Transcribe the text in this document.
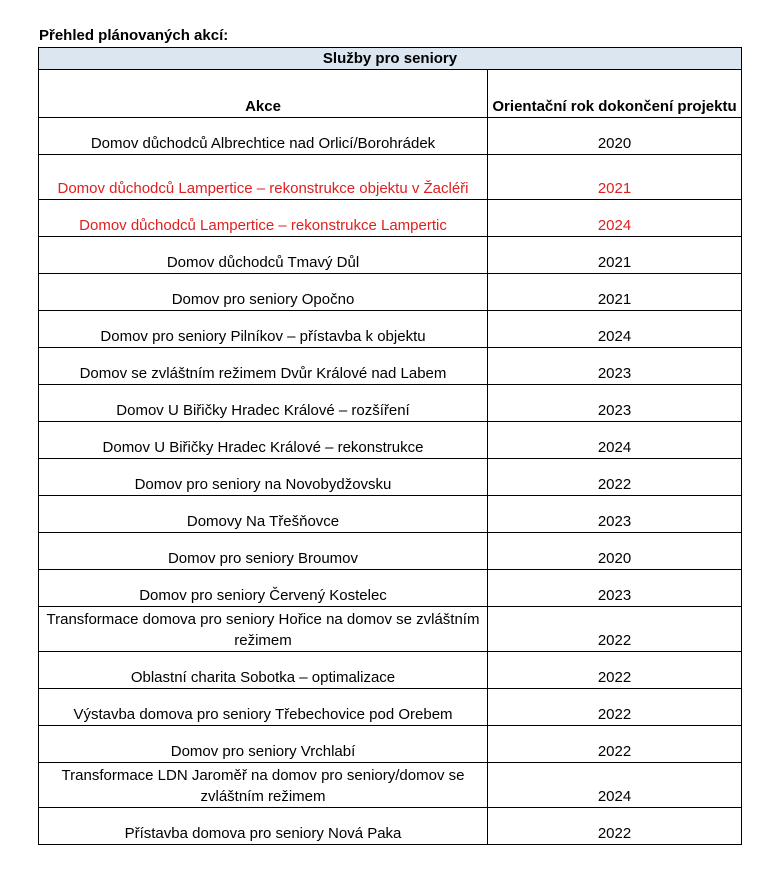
Přehled plánovaných akcí:
Služby pro seniory	
Akce	Orientační rok dokončení projektu
Domov důchodců Albrechtice nad Orlicí/Borohrádek	2020
Domov důchodců Lampertice – rekonstrukce objektu v Žacléři	2021
Domov důchodců Lampertice – rekonstrukce Lampertic	2024
Domov důchodců Tmavý Důl	2021
Domov pro seniory Opočno	2021
Domov pro seniory Pilníkov – přístavba k objektu	2024
Domov se zvláštním režimem Dvůr Králové nad Labem	2023
Domov U Biřičky Hradec Králové – rozšíření	2023
Domov U Biřičky Hradec Králové – rekonstrukce	2024
Domov pro seniory na Novobydžovsku	2022
Domovy Na Třešňovce	2023
Domov pro seniory Broumov	2020
Domov pro seniory Červený Kostelec	2023
Transformace domova pro seniory Hořice na domov se zvláštním režimem	2022
Oblastní charita Sobotka – optimalizace	2022
Výstavba domova pro seniory Třebechovice pod Orebem	2022
Domov pro seniory Vrchlabí	2022
Transformace LDN Jaroměř na domov pro seniory/domov se zvláštním režimem	2024
Přístavba domova pro seniory Nová Paka	2022
